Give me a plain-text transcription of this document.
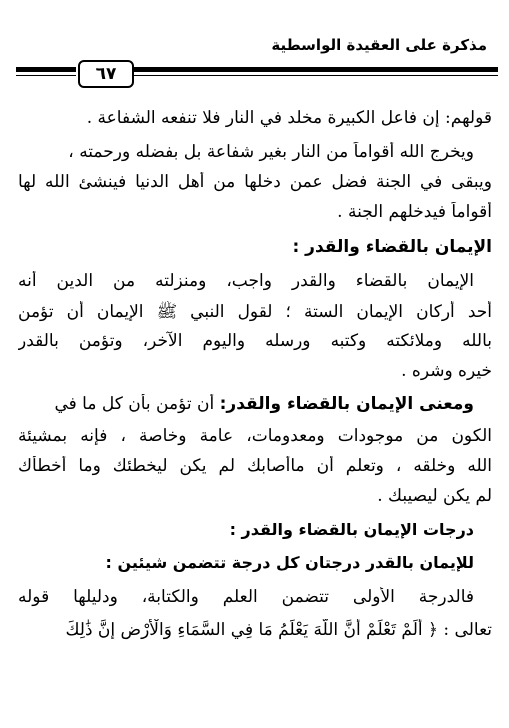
مذكرة على العقيدة الواسطية
٦٧
قولهم: إن فاعل الكبيرة مخلد في النار فلا تنفعه الشفاعة .
ويخرج الله أقواماً من النار بغير شفاعة بل بفضله ورحمته ،
ويبقى في الجنة فضل عمن دخلها من أهل الدنيا فينشئ الله لها
أقواماً فيدخلهم الجنة .
الإيمان بالقضاء والقدر :
الإيمان بالقضاء والقدر واجب، ومنزلته من الدين أنه
أحد أركان الإيمان الستة ؛ لقول النبي ﷺ الإيمان أن تؤمن
بالله وملائكته وكتبه ورسله واليوم الآخر، وتؤمن بالقدر
خيره وشره .
ومعنى الإيمان بالقضاء والقدر: أن تؤمن بأن كل ما في
الكون من موجودات ومعدومات، عامة وخاصة ، فإنه بمشيئة
الله وخلقه ، وتعلم أن ماأصابك لم يكن ليخطئك وما أخطأك
لم يكن ليصيبك .
درجات الإيمان بالقضاء والقدر :
للإيمان بالقدر درجتان كل درجة تتضمن شيئين :
فالدرجة الأولى تتضمن العلم والكتابة، ودليلها قوله
تعالى : ﴿ أَلَمْ تَعْلَمْ أَنَّ اللَّهَ يَعْلَمُ مَا فِي السَّمَاءِ وَالْأَرْضِ إِنَّ ذَٰلِكَ
